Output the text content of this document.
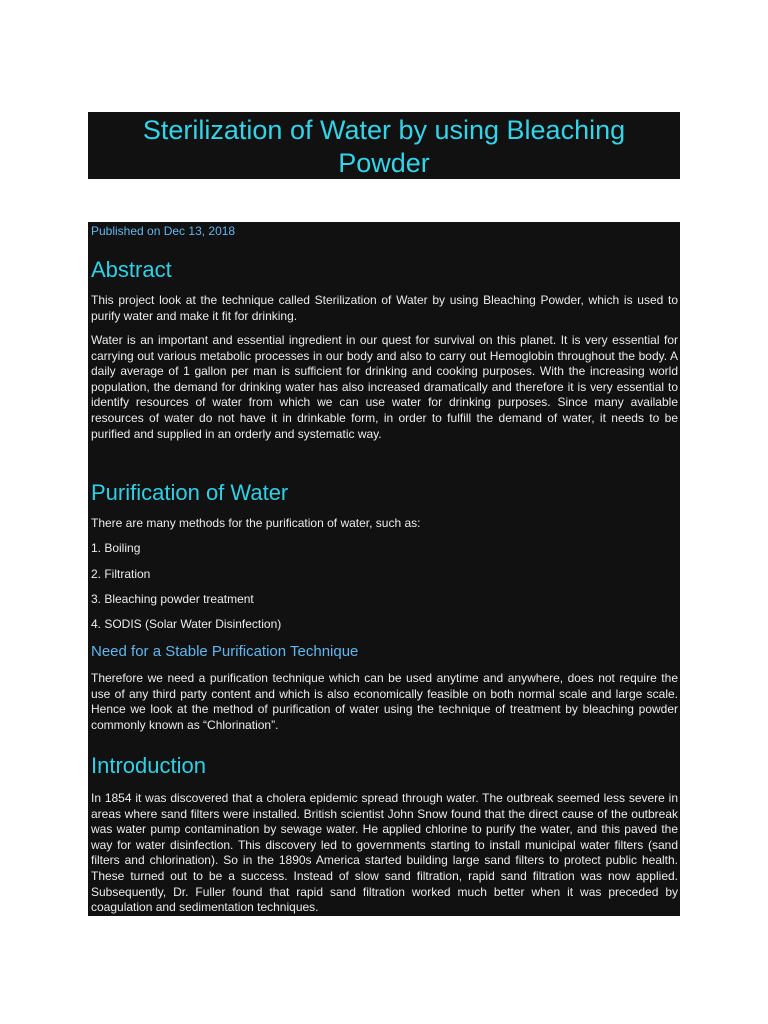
Sterilization of Water by using Bleaching Powder
Published on Dec 13, 2018
Abstract

This project look at the technique called Sterilization of Water by using Bleaching Powder, which is used to purify water and make it fit for drinking.

Water is an important and essential ingredient in our quest for survival on this planet. It is very essential for carrying out various metabolic processes in our body and also to carry out Hemoglobin throughout the body. A daily average of 1 gallon per man is sufficient for drinking and cooking purposes. With the increasing world population, the demand for drinking water has also increased dramatically and therefore it is very essential to identify resources of water from which we can use water for drinking purposes. Since many available resources of water do not have it in drinkable form, in order to fulfill the demand of water, it needs to be purified and supplied in an orderly and systematic way.

Purification of Water

There are many methods for the purification of water, such as:

1. Boiling

2. Filtration

3. Bleaching powder treatment

4. SODIS (Solar Water Disinfection)

Need for a Stable Purification Technique

Therefore we need a purification technique which can be used anytime and anywhere, does not require the use of any third party content and which is also economically feasible on both normal scale and large scale. Hence we look at the method of purification of water using the technique of treatment by bleaching powder commonly known as “Chlorination”.

Introduction

In 1854 it was discovered that a cholera epidemic spread through water. The outbreak seemed less severe in areas where sand filters were installed. British scientist John Snow found that the direct cause of the outbreak was water pump contamination by sewage water. He applied chlorine to purify the water, and this paved the way for water disinfection. This discovery led to governments starting to install municipal water filters (sand filters and chlorination). So in the 1890s America started building large sand filters to protect public health. These turned out to be a success. Instead of slow sand filtration, rapid sand filtration was now applied. Subsequently, Dr. Fuller found that rapid sand filtration worked much better when it was preceded by coagulation and sedimentation techniques.
